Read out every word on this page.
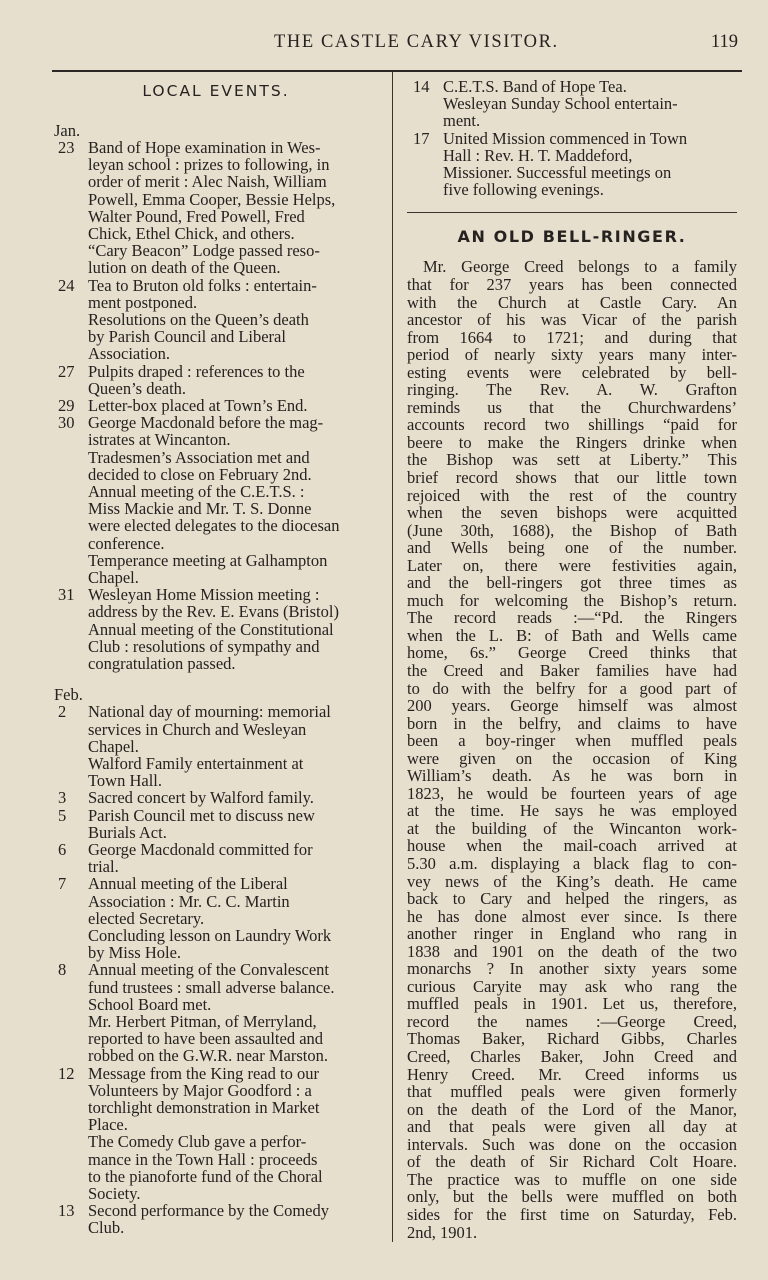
THE CASTLE CARY VISITOR.	119
LOCAL EVENTS.
Jan.
23 Band of Hope examination in Wes-
leyan school : prizes to following, in
order of merit : Alec Naish, William
Powell, Emma Cooper, Bessie Helps,
Walter Pound, Fred Powell, Fred
Chick, Ethel Chick, and others.
“Cary Beacon” Lodge passed reso-
lution on death of the Queen.
24 Tea to Bruton old folks : entertain-
ment postponed.
Resolutions on the Queen’s death
by Parish Council and Liberal
Association.
27 Pulpits draped : references to the
Queen’s death.
29 Letter-box placed at Town’s End.
30 George Macdonald before the mag-
istrates at Wincanton.
Tradesmen’s Association met and
decided to close on February 2nd.
Annual meeting of the C.E.T.S. :
Miss Mackie and Mr. T. S. Donne
were elected delegates to the diocesan
conference.
Temperance meeting at Galhampton
Chapel.
31 Wesleyan Home Mission meeting :
address by the Rev. E. Evans (Bristol)
Annual meeting of the Constitutional
Club : resolutions of sympathy and
congratulation passed.
Feb.
2	National day of mourning: memorial
services in Church and Wesleyan
Chapel.
Walford Family entertainment at
Town Hall.
3	Sacred concert by Walford family.
5	Parish Council met to discuss new
Burials Act.
6	George Macdonald committed for
trial.
7	Annual meeting of the Liberal
Association : Mr. C. C. Martin
elected Secretary.
Concluding lesson on Laundry Work
by Miss Hole.
8	Annual meeting of the Convalescent
fund trustees : small adverse balance.
School Board met.
Mr. Herbert Pitman, of Merryland,
reported to have been assaulted and
robbed on the G.W.R. near Marston.
12 Message from the King read to our
Volunteers by Major Goodford : a
torchlight demonstration in Market
Place.
The Comedy Club gave a perfor-
mance in the Town Hall : proceeds
to the pianoforte fund of the Choral
Society.
13 Second performance by the Comedy
Club.
14 C.E.T.S. Band of Hope Tea.
Wesleyan Sunday School entertain-
ment.
17 United Mission commenced in Town
Hall : Rev. H. T. Maddeford,
Missioner. Successful meetings on
five following evenings.
AN OLD BELL-RINGER.
Mr. George Creed belongs to a family
that for 237 years has been connected
with the Church at Castle Cary. An
ancestor of his was Vicar of the parish
from 1664 to 1721; and during that
period of nearly sixty years many inter-
esting events were celebrated by bell-
ringing. The Rev. A. W. Grafton
reminds us that the Churchwardens’
accounts record two shillings “paid for
beere to make the Ringers drinke when
the Bishop was sett at Liberty.” This
brief record shows that our little town
rejoiced with the rest of the country
when the seven bishops were acquitted
(June 30th, 1688), the Bishop of Bath
and Wells being one of the number.
Later on, there were festivities again,
and the bell-ringers got three times as
much for welcoming the Bishop’s return.
The record reads :—“Pd. the Ringers
when the L. B: of Bath and Wells came
home, 6s.” George Creed thinks that
the Creed and Baker families have had
to do with the belfry for a good part of
200 years. George himself was almost
born in the belfry, and claims to have
been a boy-ringer when muffled peals
were given on the occasion of King
William’s death. As he was born in
1823, he would be fourteen years of age
at the time. He says he was employed
at the building of the Wincanton work-
house when the mail-coach arrived at
5.30 a.m. displaying a black flag to con-
vey news of the King’s death. He came
back to Cary and helped the ringers, as
he has done almost ever since. Is there
another ringer in England who rang in
1838 and 1901 on the death of the two
monarchs ? In another sixty years some
curious Caryite may ask who rang the
muffled peals in 1901. Let us, therefore,
record the names :—George Creed,
Thomas Baker, Richard Gibbs, Charles
Creed, Charles Baker, John Creed and
Henry Creed. Mr. Creed informs us
that muffled peals were given formerly
on the death of the Lord of the Manor,
and that peals were given all day at
intervals. Such was done on the occasion
of the death of Sir Richard Colt Hoare.
The practice was to muffle on one side
only, but the bells were muffled on both
sides for the first time on Saturday, Feb.
2nd, 1901.
